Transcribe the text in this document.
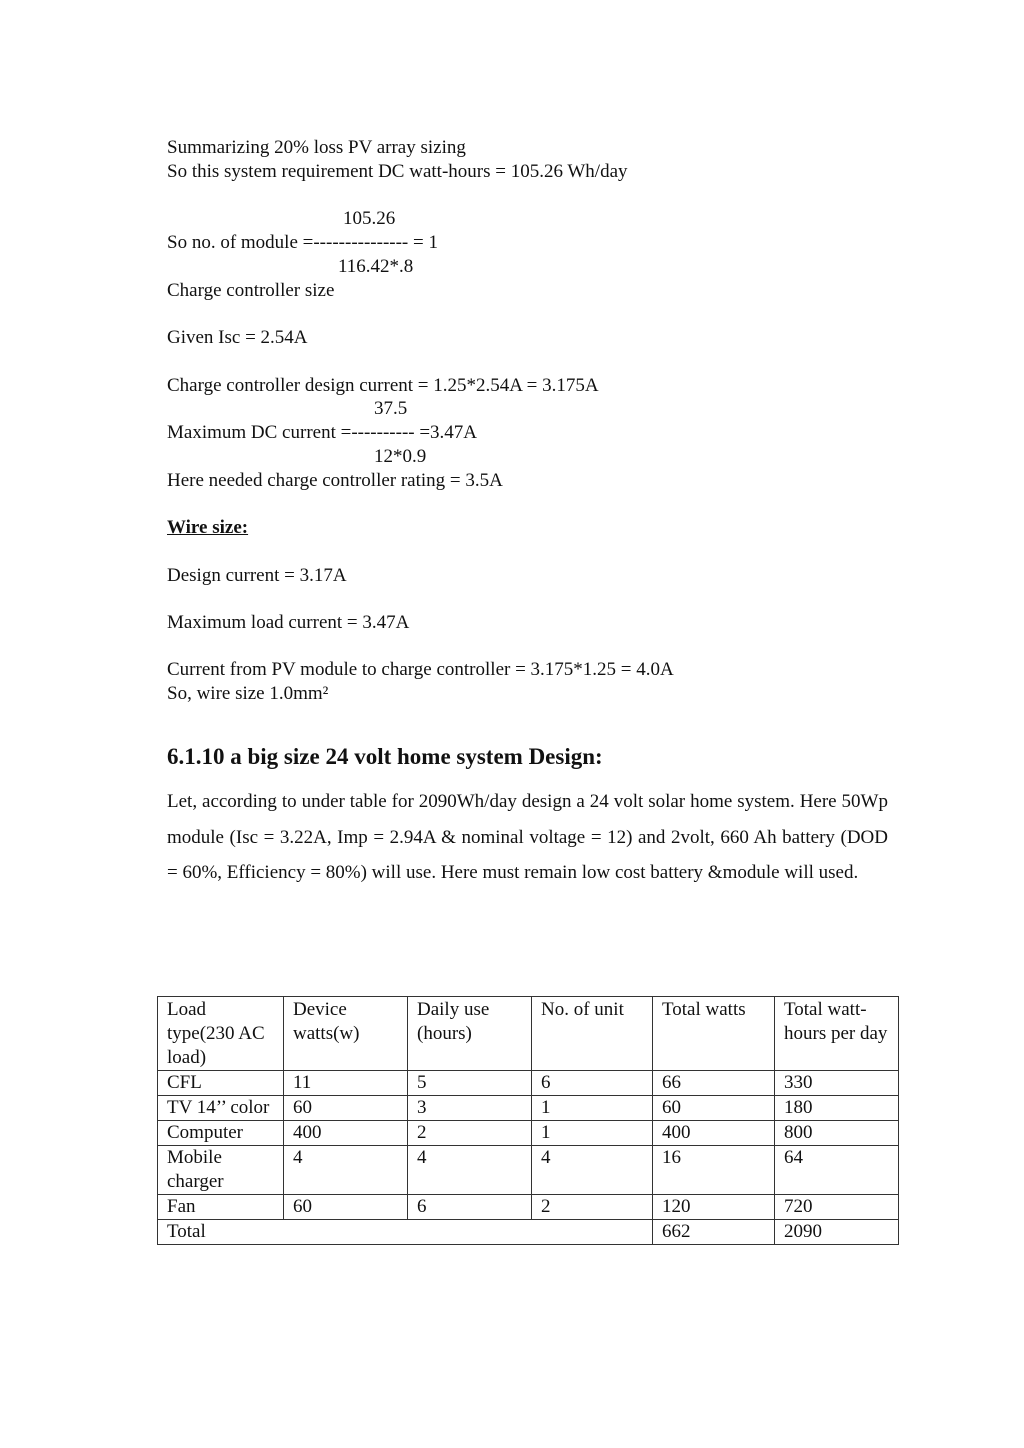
Summarizing 20% loss PV array sizing
So this system requirement DC watt-hours = 105.26 Wh/day
105.26
So no. of module =--------------- = 1
116.42*.8
Charge controller size
Given Isc = 2.54A
Charge controller design current = 1.25*2.54A = 3.175A
37.5
Maximum DC current =---------- =3.47A
12*0.9
Here needed charge controller rating = 3.5A
Wire size:
Design current = 3.17A
Maximum load current = 3.47A
Current from PV module to charge controller = 3.175*1.25 = 4.0A
So, wire size 1.0mm²
6.1.10 a big size 24 volt home system Design:
Let, according to under table for 2090Wh/day design a 24 volt solar home system. Here 50Wp module (Isc = 3.22A, Imp = 2.94A & nominal voltage = 12) and 2volt, 660 Ah battery (DOD = 60%, Efficiency = 80%) will use. Here must remain low cost battery &module will used.
Load type(230 AC load)	Device watts(w)	Daily use (hours)	No. of unit	Total watts	Total watt-hours per day
CFL	11	5	6	66	330
TV 14’’ color	60	3	1	60	180
Computer	400	2	1	400	800
Mobile charger	4	4	4	16	64
Fan	60	6	2	120	720
Total				662	2090
